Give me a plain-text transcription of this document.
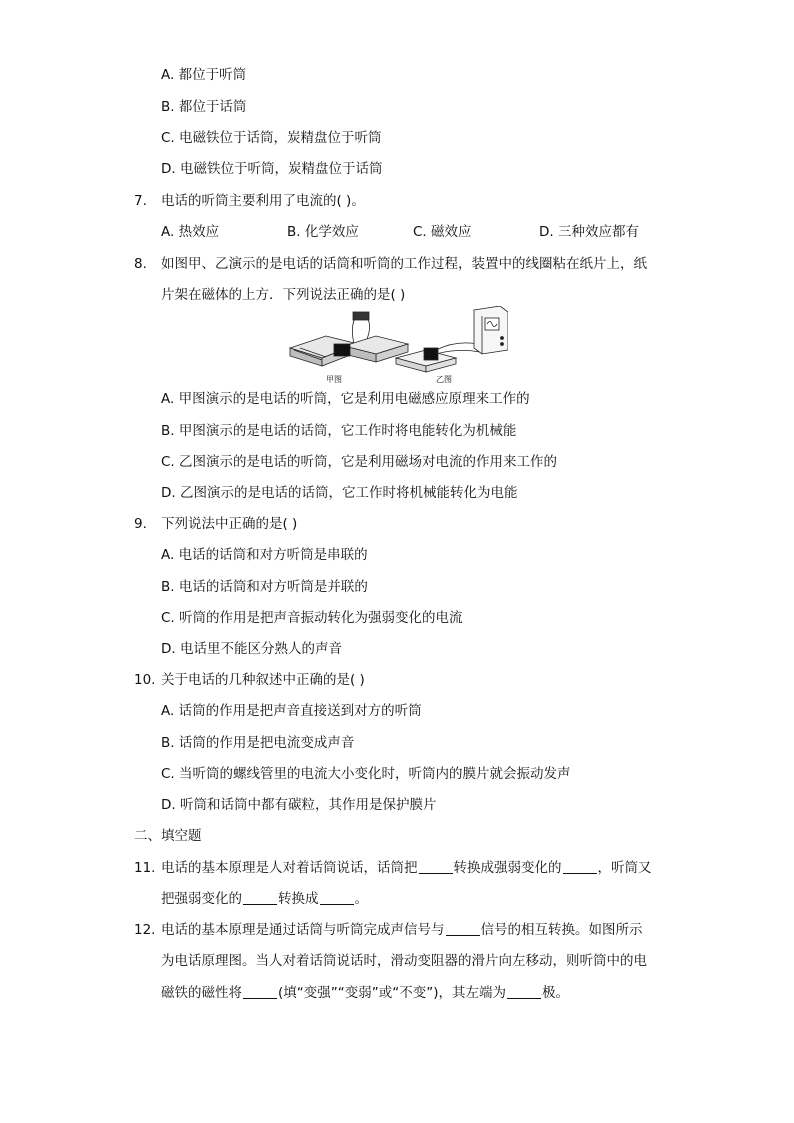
A. 都位于听筒
B. 都位于话筒
C. 电磁铁位于话筒，炭精盘位于听筒
D. 电磁铁位于听筒，炭精盘位于话筒
7.	电话的听筒主要利用了电流的( )。
A. 热效应	B. 化学效应	C. 磁效应	D. 三种效应都有
8.	如图甲、乙演示的是电话的话筒和听筒的工作过程，装置中的线圈粘在纸片上，纸
片架在磁体的上方．下列说法正确的是( )
甲图	乙图
A. 甲图演示的是电话的听筒，它是利用电磁感应原理来工作的
B. 甲图演示的是电话的话筒，它工作时将电能转化为机械能
C. 乙图演示的是电话的听筒，它是利用磁场对电流的作用来工作的
D. 乙图演示的是电话的话筒，它工作时将机械能转化为电能
9.	下列说法中正确的是( )
A. 电话的话筒和对方听筒是串联的
B. 电话的话筒和对方听筒是并联的
C. 听筒的作用是把声音振动转化为强弱变化的电流
D. 电话里不能区分熟人的声音
10. 关于电话的几种叙述中正确的是( )
A. 话筒的作用是把声音直接送到对方的听筒
B. 话筒的作用是把电流变成声音
C. 当听筒的螺线管里的电流大小变化时，听筒内的膜片就会振动发声
D. 听筒和话筒中都有碳粒，其作用是保护膜片
二、填空题
11. 电话的基本原理是人对着话筒说话，话筒把	转换成强弱变化的	，听筒又
把强弱变化的	转换成	。
12. 电话的基本原理是通过话筒与听筒完成声信号与	信号的相互转换。如图所示
为电话原理图。当人对着话筒说话时，滑动变阻器的滑片向左移动，则听筒中的电
磁铁的磁性将	(填“变强”“变弱”或“不变”)，其左端为	极。
